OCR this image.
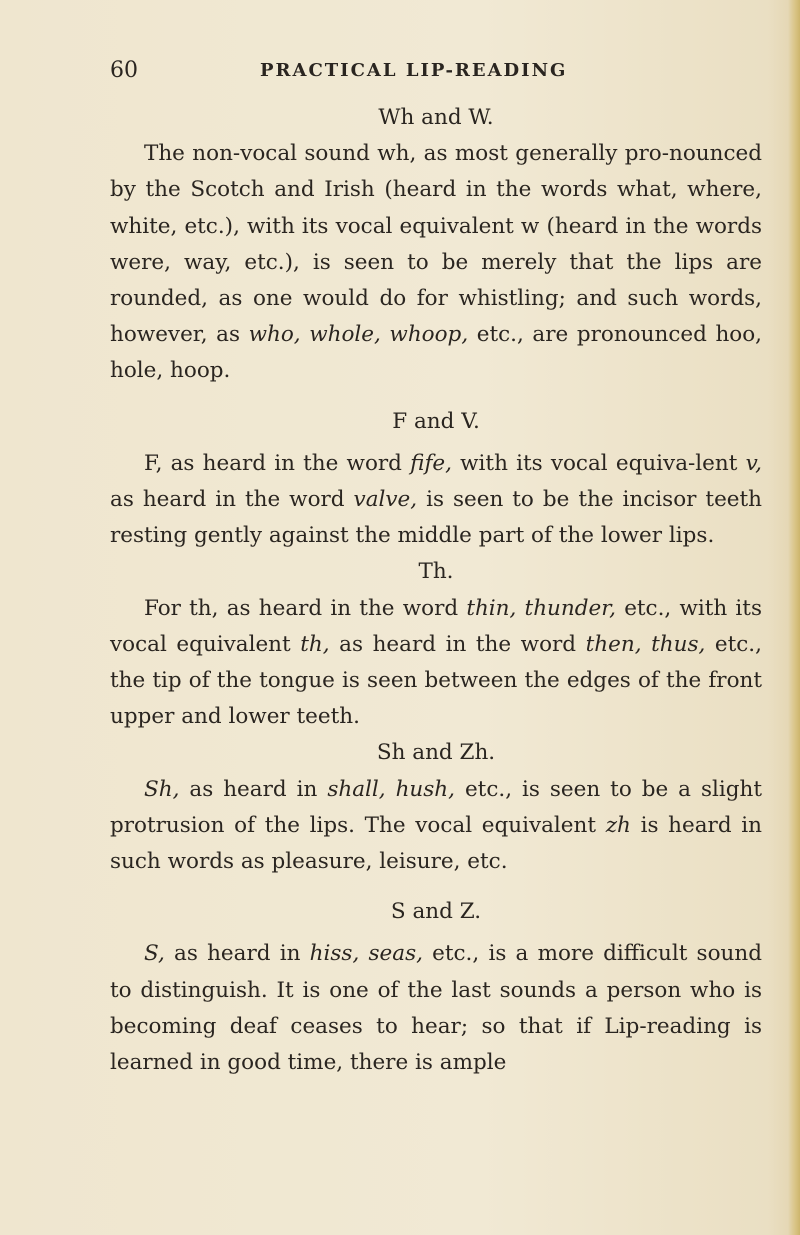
60	PRACTICAL LIP-READING
Wh and W.

The non-vocal sound wh, as most generally pro-nounced by the Scotch and Irish (heard in the words what, where, white, etc.), with its vocal equivalent w (heard in the words were, way, etc.), is seen to be merely that the lips are rounded, as one would do for whistling; and such words, however, as who, whole, whoop, etc., are pronounced hoo, hole, hoop.

F and V.

F, as heard in the word fife, with its vocal equiva-lent v, as heard in the word valve, is seen to be the incisor teeth resting gently against the middle part of the lower lips.

Th.

For th, as heard in the word thin, thunder, etc., with its vocal equivalent th, as heard in the word then, thus, etc., the tip of the tongue is seen between the edges of the front upper and lower teeth.

Sh and Zh.

Sh, as heard in shall, hush, etc., is seen to be a slight protrusion of the lips. The vocal equivalent zh is heard in such words as pleasure, leisure, etc.

S and Z.

S, as heard in hiss, seas, etc., is a more difficult sound to distinguish. It is one of the last sounds a person who is becoming deaf ceases to hear; so that if Lip-reading is learned in good time, there is ample
